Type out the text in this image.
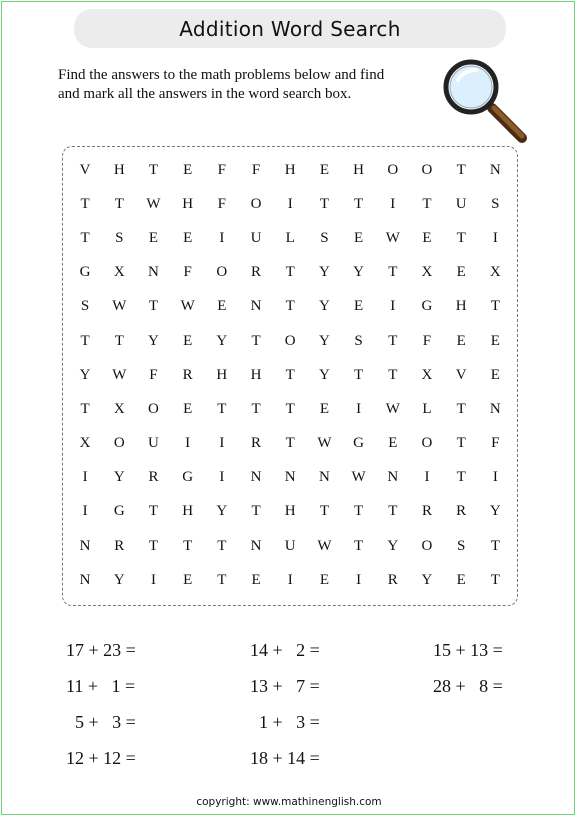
Addition Word Search
Find the answers to the math problems below and find
and mark all the answers in the word search box.
V	H	T	E	F	F	H	E	H	O	O	T	N
T	T	W	H	F	O	I	T	T	I	T	U	S
T	S	E	E	I	U	L	S	E	W	E	T	I
G	X	N	F	O	R	T	Y	Y	T	X	E	X
S	W	T	W	E	N	T	Y	E	I	G	H	T
T	T	Y	E	Y	T	O	Y	S	T	F	E	E
Y	W	F	R	H	H	T	Y	T	T	X	V	E
T	X	O	E	T	T	T	E	I	W	L	T	N
X	O	U	I	I	R	T	W	G	E	O	T	F
I	Y	R	G	I	N	N	N	W	N	I	T	I
I	G	T	H	Y	T	H	T	T	T	R	R	Y
N	R	T	T	T	N	U	W	T	Y	O	S	T
N	Y	I	E	T	E	I	E	I	R	Y	E	T
17 + 23 =	14 +   2 =	15 + 13 =
11 +   1 =	13 +   7 =	28 +   8 =
5 +   3 =	1 +   3 =
12 + 12 =	18 + 14 =
copyright: www.mathinenglish.com
